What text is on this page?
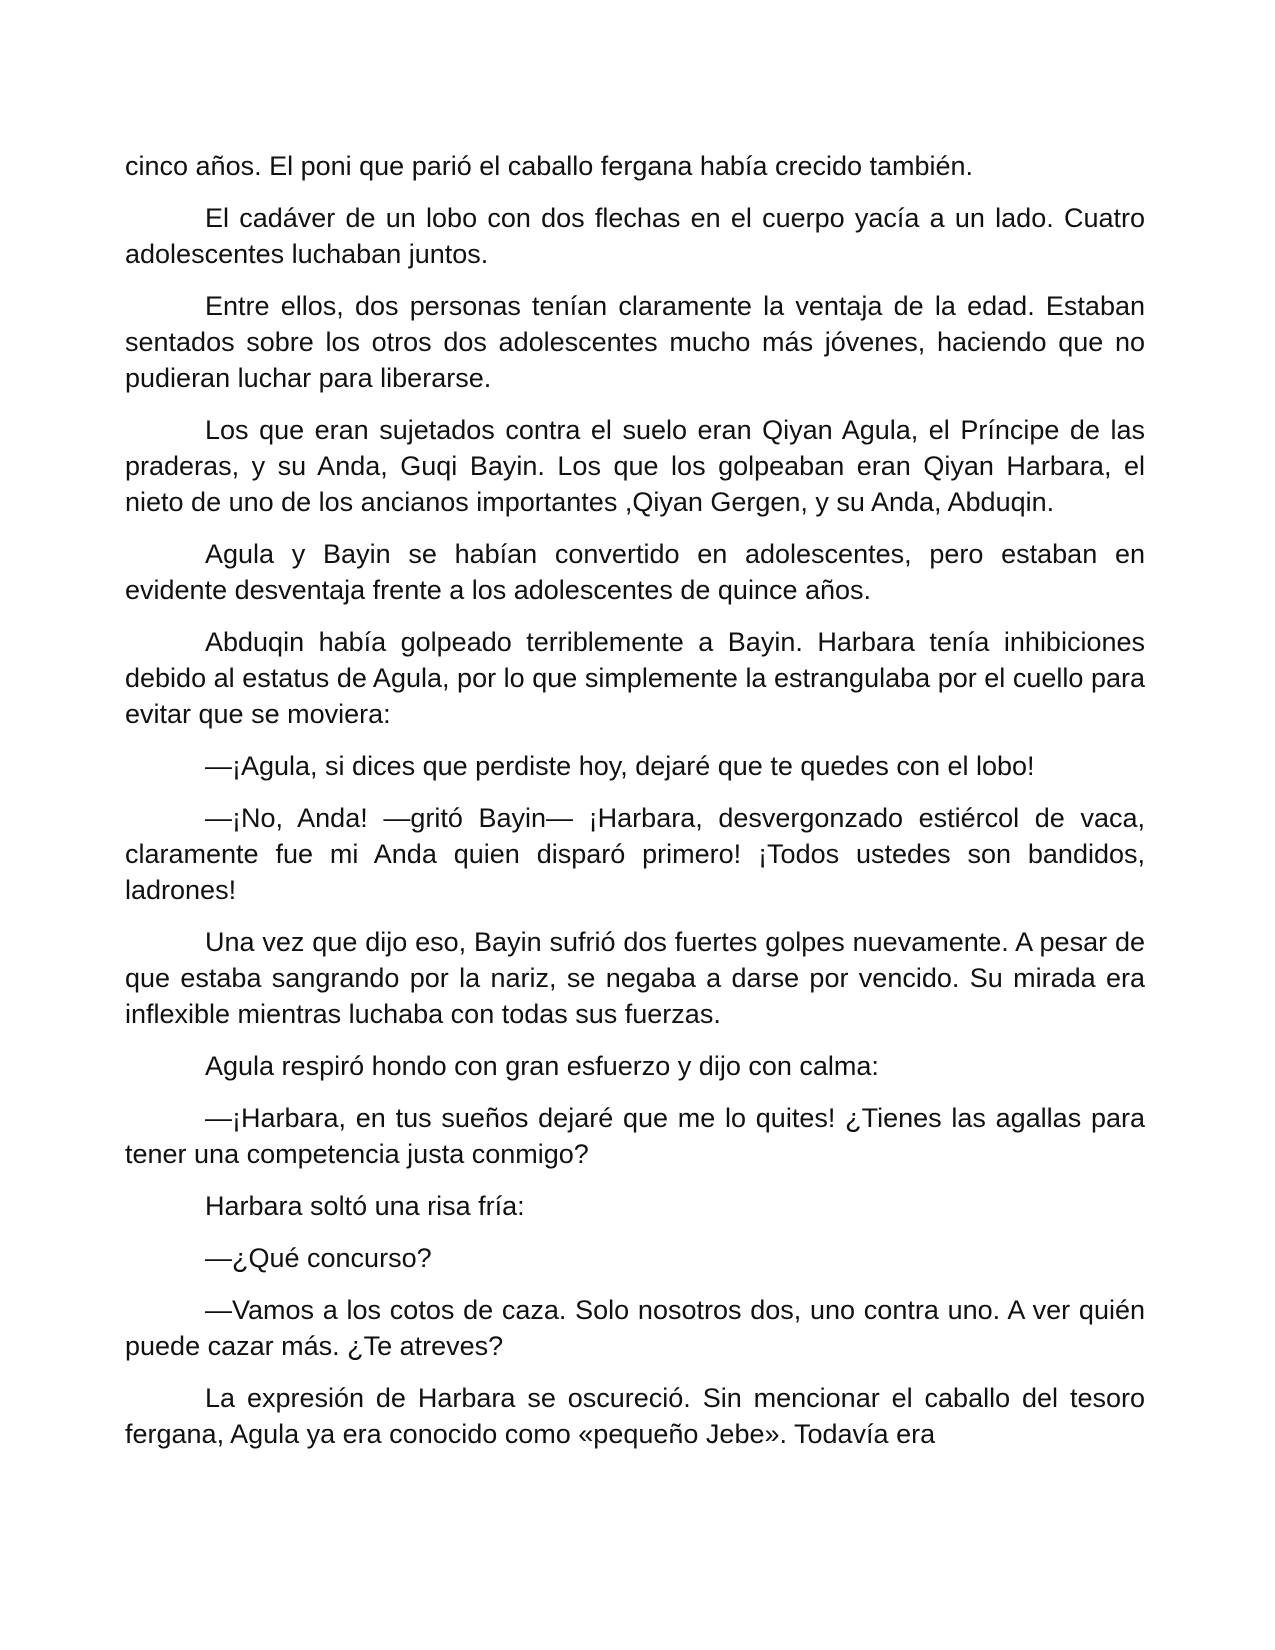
cinco años. El poni que parió el caballo fergana había crecido también.

El cadáver de un lobo con dos flechas en el cuerpo yacía a un lado. Cuatro adolescentes luchaban juntos.

Entre ellos, dos personas tenían claramente la ventaja de la edad. Estaban sentados sobre los otros dos adolescentes mucho más jóvenes, haciendo que no pudieran luchar para liberarse.

Los que eran sujetados contra el suelo eran Qiyan Agula, el Príncipe de las praderas, y su Anda, Guqi Bayin. Los que los golpeaban eran Qiyan Harbara, el nieto de uno de los ancianos importantes ,Qiyan Gergen, y su Anda, Abduqin.

Agula y Bayin se habían convertido en adolescentes, pero estaban en evidente desventaja frente a los adolescentes de quince años.

Abduqin había golpeado terriblemente a Bayin. Harbara tenía inhibiciones debido al estatus de Agula, por lo que simplemente la estrangulaba por el cuello para evitar que se moviera:

—¡Agula, si dices que perdiste hoy, dejaré que te quedes con el lobo!

—¡No, Anda! —gritó Bayin— ¡Harbara, desvergonzado estiércol de vaca, claramente fue mi Anda quien disparó primero! ¡Todos ustedes son bandidos, ladrones!

Una vez que dijo eso, Bayin sufrió dos fuertes golpes nuevamente. A pesar de que estaba sangrando por la nariz, se negaba a darse por vencido. Su mirada era inflexible mientras luchaba con todas sus fuerzas.

Agula respiró hondo con gran esfuerzo y dijo con calma:

—¡Harbara, en tus sueños dejaré que me lo quites! ¿Tienes las agallas para tener una competencia justa conmigo?

Harbara soltó una risa fría:

—¿Qué concurso?

—Vamos a los cotos de caza. Solo nosotros dos, uno contra uno. A ver quién puede cazar más. ¿Te atreves?

La expresión de Harbara se oscureció. Sin mencionar el caballo del tesoro fergana, Agula ya era conocido como «pequeño Jebe». Todavía era
